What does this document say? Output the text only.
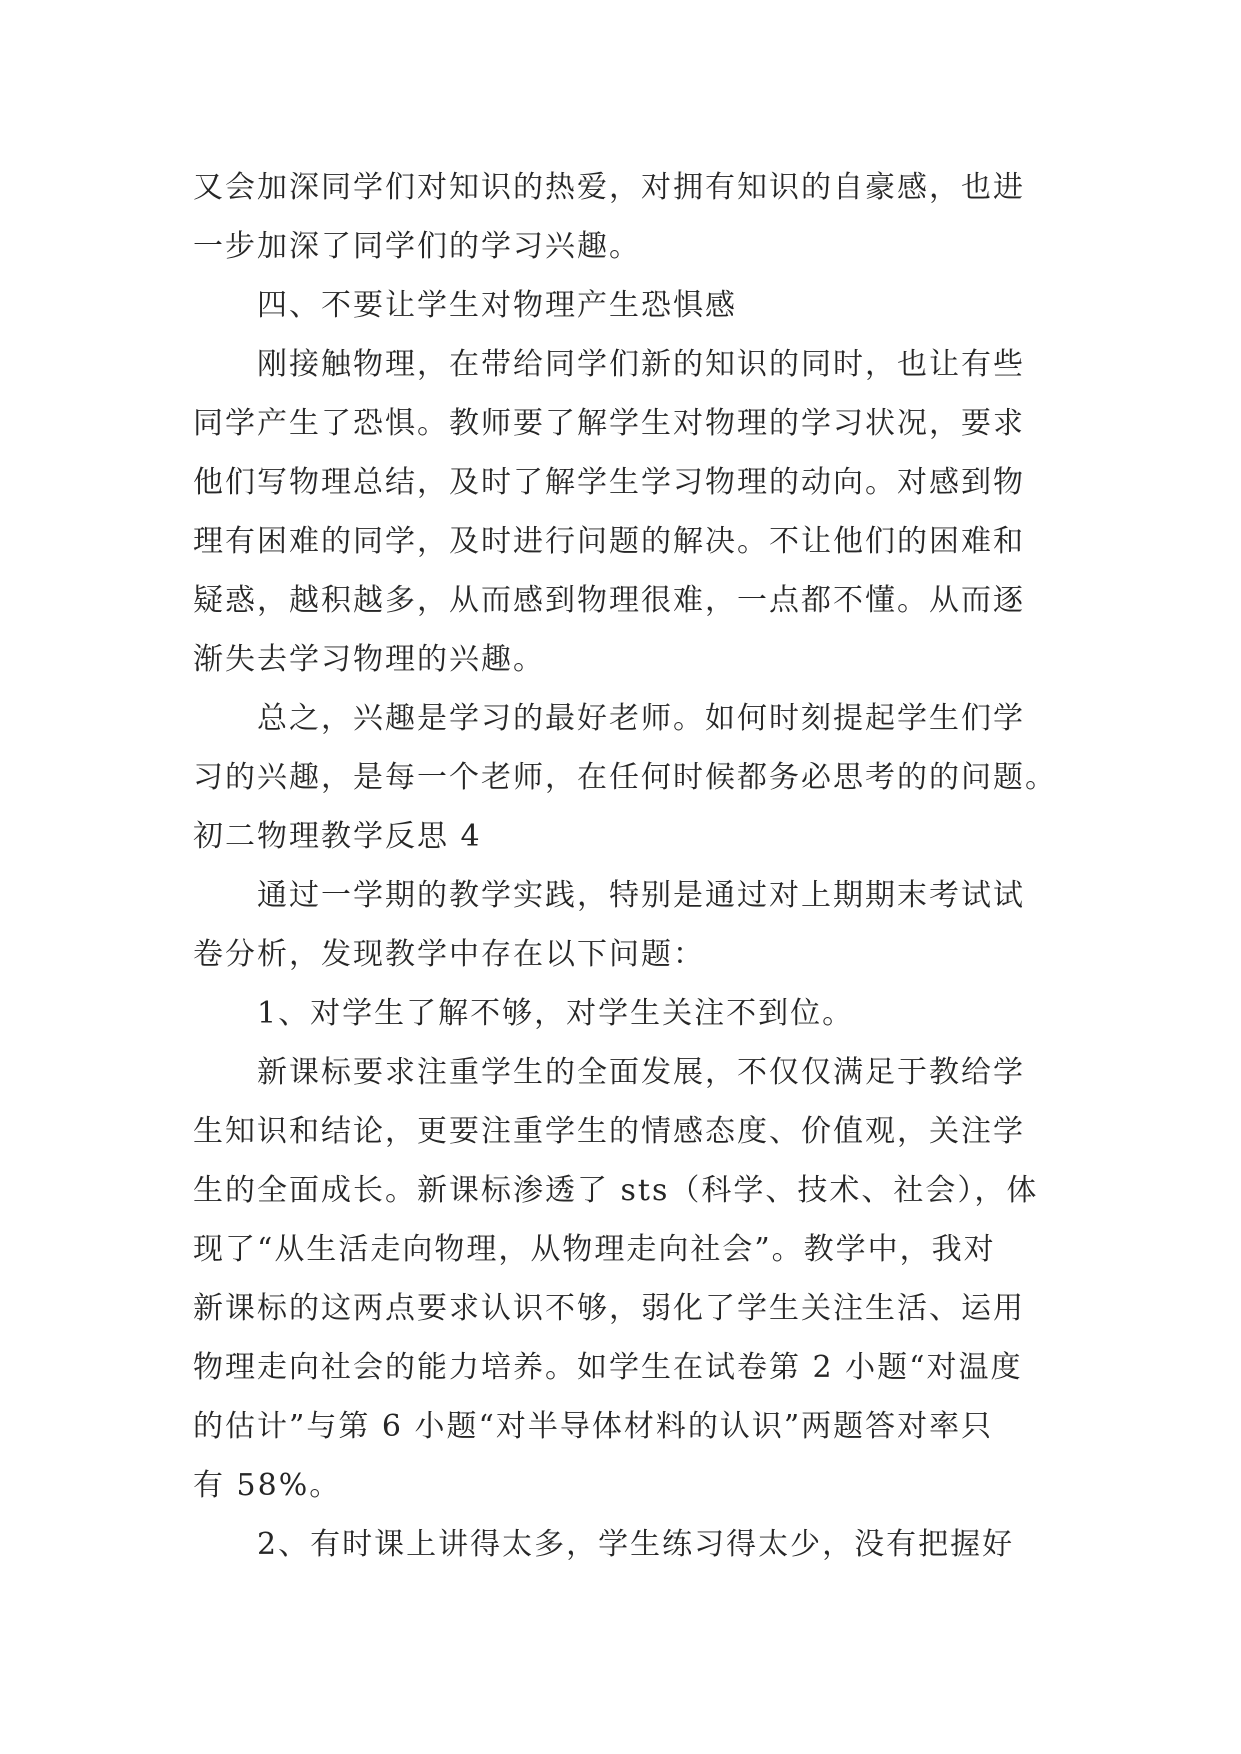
又会加深同学们对知识的热爱，对拥有知识的自豪感，也进
一步加深了同学们的学习兴趣。
四、不要让学生对物理产生恐惧感
刚接触物理，在带给同学们新的知识的同时，也让有些
同学产生了恐惧。教师要了解学生对物理的学习状况，要求
他们写物理总结，及时了解学生学习物理的动向。对感到物
理有困难的同学，及时进行问题的解决。不让他们的困难和
疑惑，越积越多，从而感到物理很难，一点都不懂。从而逐
渐失去学习物理的兴趣。
总之，兴趣是学习的最好老师。如何时刻提起学生们学
习的兴趣，是每一个老师，在任何时候都务必思考的的问题。
初二物理教学反思 4
通过一学期的教学实践，特别是通过对上期期末考试试
卷分析，发现教学中存在以下问题：
1、对学生了解不够，对学生关注不到位。
新课标要求注重学生的全面发展，不仅仅满足于教给学
生知识和结论，更要注重学生的情感态度、价值观，关注学
生的全面成长。新课标渗透了 sts（科学、技术、社会），体
现了“从生活走向物理，从物理走向社会”。教学中，我对
新课标的这两点要求认识不够，弱化了学生关注生活、运用
物理走向社会的能力培养。如学生在试卷第 2 小题“对温度
的估计”与第 6 小题“对半导体材料的认识”两题答对率只
有 58%。
2、有时课上讲得太多，学生练习得太少，没有把握好
